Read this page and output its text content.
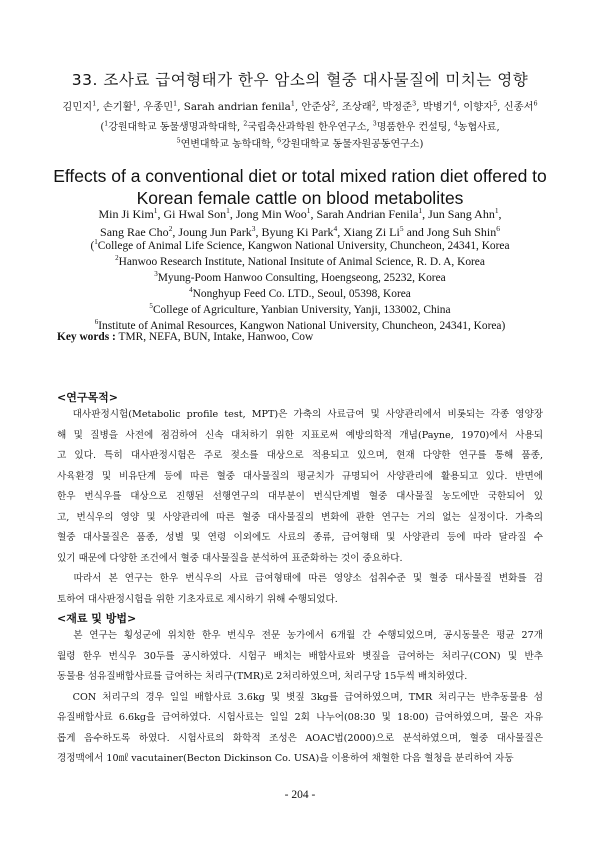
33. 조사료 급여형태가 한우 암소의 혈중 대사물질에 미치는 영향
김민지$^1$, 손기활$^1$, 우종민$^1$, Sarah andrian fenila$^1$, 안준상$^2$, 조상래$^2$, 박정준$^3$, 박병기$^4$, 이향자$^5$, 신종서$^6$
($^1$강원대학교 동물생명과학대학, $^2$국립축산과학원 한우연구소, $^3$명품한우 컨설팅, $^4$농협사료,
$^5$연변대학교 농학대학, $^6$강원대학교 동물자원공동연구소)
Effects of a conventional diet or total mixed ration diet offered to
Korean female cattle on blood metabolites
Min Ji Kim$^1$, Gi Hwal Son$^1$, Jong Min Woo$^1$, Sarah Andrian Fenila$^1$, Jun Sang Ahn$^1$,
Sang Rae Cho$^2$, Joung Jun Park$^3$, Byung Ki Park$^4$, Xiang Zi Li$^5$ and Jong Suh Shin$^6$
($^1$College of Animal Life Science, Kangwon National University, Chuncheon, 24341, Korea
$^2$Hanwoo Research Institute, National Insitute of Animal Science, R. D. A, Korea
$^3$Myung-Poom Hanwoo Consulting, Hoengseong, 25232, Korea
$^4$Nonghyup Feed Co. LTD., Seoul, 05398, Korea
$^5$College of Agriculture, Yanbian University, Yanji, 133002, China
$^6$Institute of Animal Resources, Kangwon National University, Chuncheon, 24341, Korea)
Key words : TMR, NEFA, BUN, Intake, Hanwoo, Cow
<연구목적>
  대사판정시험(Metabolic profile test, MPT)은 가축의 사료급여 및 사양관리에서 비롯되는 각종 영양장
해 및 질병을 사전에 점검하여 신속 대처하기 위한 지표로써 예방의학적 개념(Payne, 1970)에서 사용되
고 있다. 특히 대사판정시험은 주로 젖소를 대상으로 적용되고 있으며, 현재 다양한 연구를 통해 품종,
사육환경 및 비유단계 등에 따른 혈중 대사물질의 평균치가 규명되어 사양관리에 활용되고 있다. 반면에
한우 번식우를 대상으로 진행된 선행연구의 대부분이 번식단계별 혈중 대사물질 농도에만 국한되어 있
고, 번식우의 영양 및 사양관리에 따른 혈중 대사물질의 변화에 관한 연구는 거의 없는 실정이다. 가축의
혈중 대사물질은 품종, 성별 및 연령 이외에도 사료의 종류, 급여형태 및 사양관리 등에 따라 달라질 수
있기 때문에 다양한 조건에서 혈중 대사물질을 분석하여 표준화하는 것이 중요하다.
  따라서 본 연구는 한우 번식우의 사료 급여형태에 따른 영양소 섭취수준 및 혈중 대사물질 변화를 검
토하여 대사판정시험을 위한 기초자료로 제시하기 위해 수행되었다.
<재료 및 방법>
  본 연구는 횡성군에 위치한 한우 번식우 전문 농가에서 6개월 간 수행되었으며, 공시동물은 평균 27개
월령 한우 번식우 30두를 공시하였다. 시험구 배치는 배합사료와 볏짚을 급여하는 처리구(CON) 및 반추
동물용 섬유질배합사료를 급여하는 처리구(TMR)로 2처리하였으며, 처리구당 15두씩 배치하였다.
  CON 처리구의 경우 일일 배합사료 3.6kg 및 볏짚 3kg를 급여하였으며, TMR 처리구는 반추동물용 섬
유질배합사료 6.6kg을 급여하였다. 시험사료는 일일 2회 나누어(08:30 및 18:00) 급여하였으며, 물은 자유
롭게 음수하도록 하였다. 시험사료의 화학적 조성은 AOAC법(2000)으로 분석하였으며, 혈중 대사물질은
경정맥에서 10㎖ vacutainer(Becton Dickinson Co. USA)을 이용하여 채혈한 다음 혈청을 분리하여 자동
- 204 -
